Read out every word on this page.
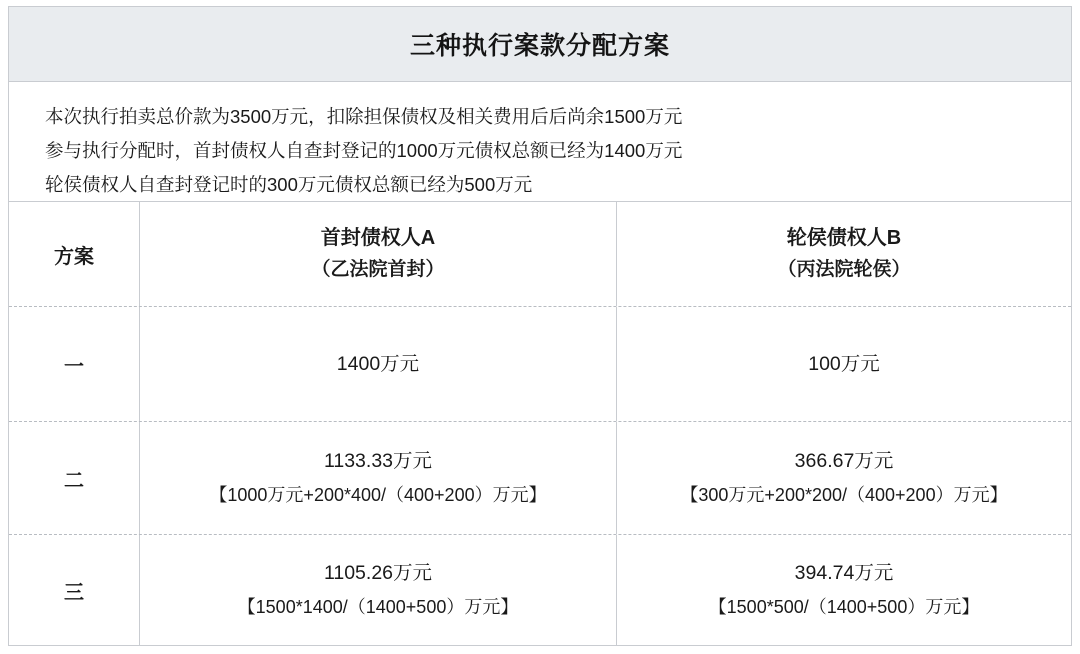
三种执行案款分配方案
本次执行拍卖总价款为3500万元，扣除担保债权及相关费用后后尚余1500万元
参与执行分配时，首封债权人自查封登记的1000万元债权总额已经为1400万元
轮侯债权人自查封登记时的300万元债权总额已经为500万元
方案
首封债权人A
（乙法院首封）
轮侯债权人B
（丙法院轮侯）
一	1400万元	100万元
二
1133.33万元
【1000万元+200*400/（400+200）万元】
366.67万元
【300万元+200*200/（400+200）万元】
三
1105.26万元
【1500*1400/（1400+500）万元】
394.74万元
【1500*500/（1400+500）万元】
